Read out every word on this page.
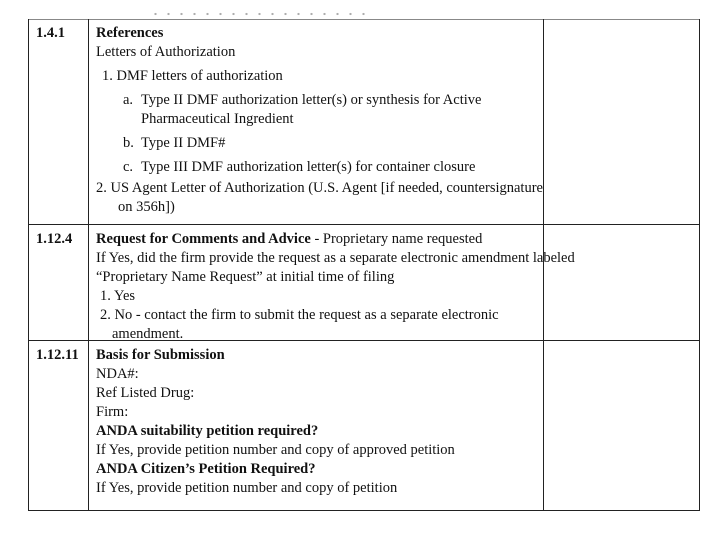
1.4.1 References
Letters of Authorization
1. DMF letters of authorization
a. Type II DMF authorization letter(s) or synthesis for Active Pharmaceutical Ingredient
b. Type II DMF#
c. Type III DMF authorization letter(s) for container closure
2. US Agent Letter of Authorization (U.S. Agent [if needed, countersignature
on 356h])
1.12.4 Request for Comments and Advice - Proprietary name requested
If Yes, did the firm provide the request as a separate electronic amendment labeled
“Proprietary Name Request” at initial time of filing
1. Yes
2. No - contact the firm to submit the request as a separate electronic
amendment.
1.12.11 Basis for Submission
NDA#:
Ref Listed Drug:
Firm:
ANDA suitability petition required?
If Yes, provide petition number and copy of approved petition
ANDA Citizen’s Petition Required?
If Yes, provide petition number and copy of petition
